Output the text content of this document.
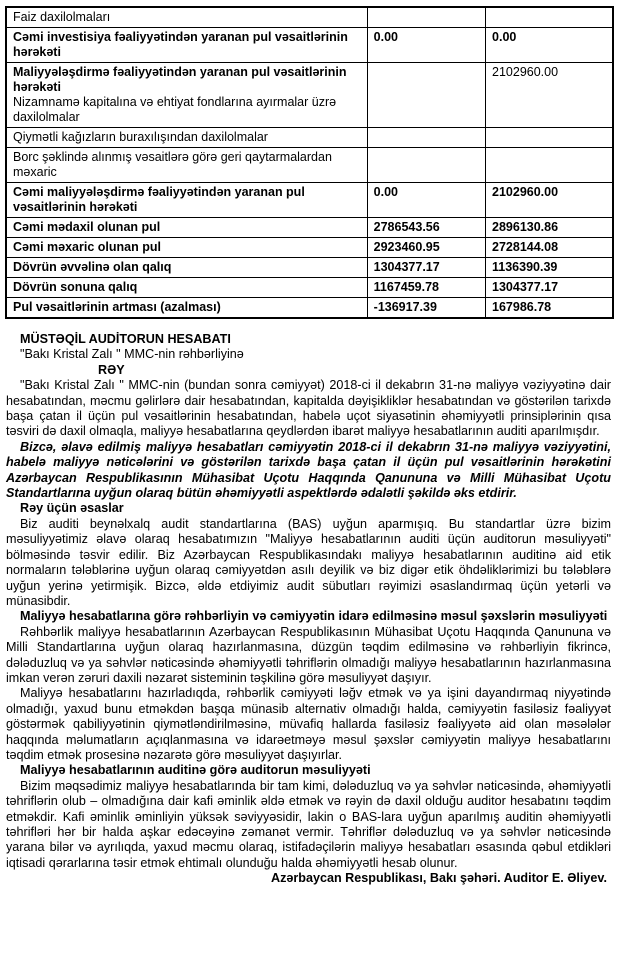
Faiz daxilolmaları		

Cəmi investisiya fəaliyyətindən yaranan pul vəsaitlərinin hərəkəti	0.00	0.00

Maliyyələşdirmə fəaliyyətindən yaranan pul vəsaitlərinin hərəkəti
Nizamnamə kapitalına və ehtiyat fondlarına ayırmalar üzrə daxilolmalar		2102960.00

Qiymətli kağızların buraxılışından daxilolmalar		

Borc şəklində alınmış vəsaitlərə görə geri qaytarmalardan məxaric		

Cəmi maliyyələşdirmə fəaliyyətindən yaranan pul vəsaitlərinin hərəkəti	0.00	2102960.00

Cəmi mədaxil olunan pul	2786543.56	2896130.86

Cəmi məxaric olunan pul	2923460.95	2728144.08

Dövrün əvvəlinə olan qalıq	1304377.17	1136390.39

Dövrün sonuna qalıq	1167459.78	1304377.17

Pul vəsaitlərinin artması (azalması)	-136917.39	167986.78

MÜSTƏQİL AUDİTORUN HESABATI

"Bakı Kristal Zalı " MMC-nin rəhbərliyinə

RƏY

"Bakı Kristal Zalı " MMC-nin (bundan sonra cəmiyyət) 2018-ci il dekabrın 31-nə maliyyə vəziyyətinə dair hesabatından, məcmu gəlirlərə dair hesabatından, kapitalda dəyişikliklər hesabatından və göstərilən tarixdə başa çatan il üçün pul vəsaitlərinin hesabatından, habelə uçot siyasətinin əhəmiyyətli prinsiplərinin qısa təsviri də daxil olmaqla, maliyyə hesabatlarına qeydlərdən ibarət maliyyə hesabatlarının auditi aparılmışdır.

Bizcə, əlavə edilmiş maliyyə hesabatları cəmiyyətin 2018-ci il dekabrın 31-nə maliyyə vəziyyətini, habelə maliyyə nəticələrini və göstərilən tarixdə başa çatan il üçün pul vəsaitlərinin hərəkətini Azərbaycan Respublikasının Mühasibat Uçotu Haqqında Qanununa və Milli Mühasibat Uçotu Standartlarına uyğun olaraq bütün əhəmiyyətli aspektlərdə ədalətli şəkildə əks etdirir.

Rəy üçün əsaslar

Biz auditi beynəlxalq audit standartlarına (BAS) uyğun aparmışıq. Bu standartlar üzrə bizim məsuliyyətimiz əlavə olaraq hesabatımızın "Maliyyə hesabatlarının auditi üçün auditorun məsuliyyəti" bölməsində təsvir edilir. Biz Azərbaycan Respublikasındakı maliyyə hesabatlarının auditinə aid etik normaların tələblərinə uyğun olaraq cəmiyyətdən asılı deyilik və biz digər etik öhdəliklərimizi bu tələblərə uyğun yerinə yetirmişik. Bizcə, əldə etdiyimiz audit sübutları rəyimizi əsaslandırmaq üçün yetərli və münasibdir.

Maliyyə hesabatlarına görə rəhbərliyin və cəmiyyətin idarə edilməsinə məsul şəxslərin məsuliyyəti

Rəhbərlik maliyyə hesabatlarının Azərbaycan Respublikasının Mühasibat Uçotu Haqqında Qanununa və Milli Standartlarına uyğun olaraq hazırlanmasına, düzgün təqdim edilməsinə və rəhbərliyin fikrincə, dələduzluq və ya səhvlər nəticəsində əhəmiyyətli təhriflərin olmadığı maliyyə hesabatlarının hazırlanmasına imkan verən zəruri daxili nəzarət sisteminin təşkilinə görə məsuliyyət daşıyır.

Maliyyə hesabatlarını hazırladıqda, rəhbərlik cəmiyyəti ləğv etmək və ya işini dayandırmaq niyyətində olmadığı, yaxud bunu etməkdən başqa münasib alternativ olmadığı halda, cəmiyyətin fasiləsiz fəaliyyət göstərmək qabiliyyətinin qiymətləndirilməsinə, müvafiq hallarda fasiləsiz fəaliyyətə aid olan məsələlər haqqında məlumatların açıqlanmasına və idarəetməyə məsul şəxslər cəmiyyətin maliyyə hesabatlarını təqdim etmək prosesinə nəzarətə görə məsuliyyət daşıyırlar.

Maliyyə hesabatlarının auditinə görə auditorun məsuliyyəti

Bizim məqsədimiz maliyyə hesabatlarında bir tam kimi, dələduzluq və ya səhvlər nəticəsində, əhəmiyyətli təhriflərin olub – olmadığına dair kafi əminlik əldə etmək və rəyin də daxil olduğu auditor hesabatını təqdim etməkdir. Kafi əminlik əminliyin yüksək səviyyəsidir, lakin o BAS-lara uyğun aparılmış auditin əhəmiyyətli təhrifləri hər bir halda aşkar edəcəyinə zəmanət vermir. Təhriflər dələduzluq və ya səhvlər nəticəsində yarana bilər və ayrılıqda, yaxud məcmu olaraq, istifadəçilərin maliyyə hesabatları əsasında qəbul etdikləri iqtisadi qərarlarına təsir etmək ehtimalı olunduğu halda əhəmiyyətli hesab olunur.

Azərbaycan Respublikası, Bakı şəhəri. Auditor E. Əliyev.
